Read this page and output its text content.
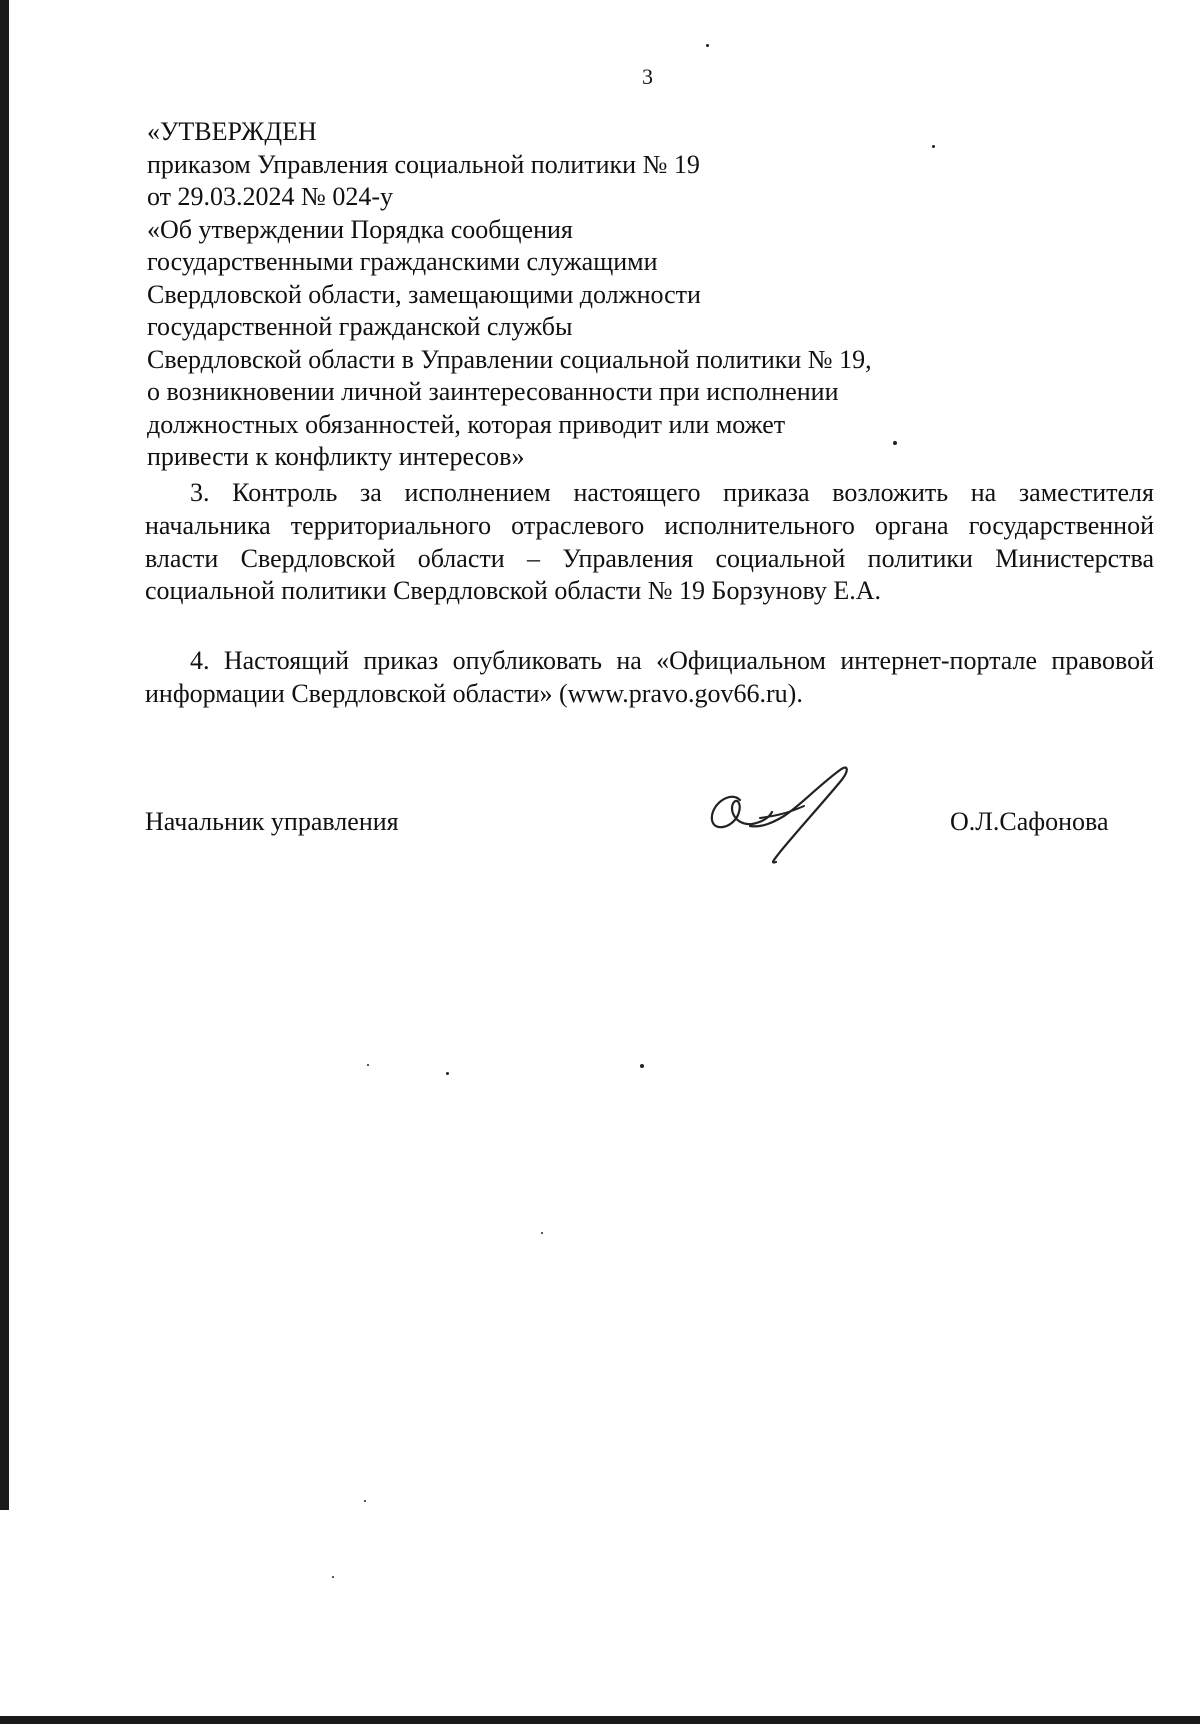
3
«УТВЕРЖДЕН
приказом Управления социальной политики № 19
от 29.03.2024 № 024-у
«Об утверждении Порядка сообщения
государственными гражданскими служащими
Свердловской области, замещающими должности
государственной гражданской службы
Свердловской области в Управлении социальной политики № 19,
о возникновении личной заинтересованности при исполнении
должностных обязанностей, которая приводит или может
привести к конфликту интересов»

3. Контроль за исполнением настоящего приказа возложить на заместителя начальника территориального отраслевого исполнительного органа государственной власти Свердловской области – Управления социальной политики Министерства социальной политики Свердловской области № 19 Борзунову Е.А.

4. Настоящий приказ опубликовать на «Официальном интернет-портале правовой информации Свердловской области» (www.pravo.gov66.ru).

Начальник управления	О.Л.Сафонова
